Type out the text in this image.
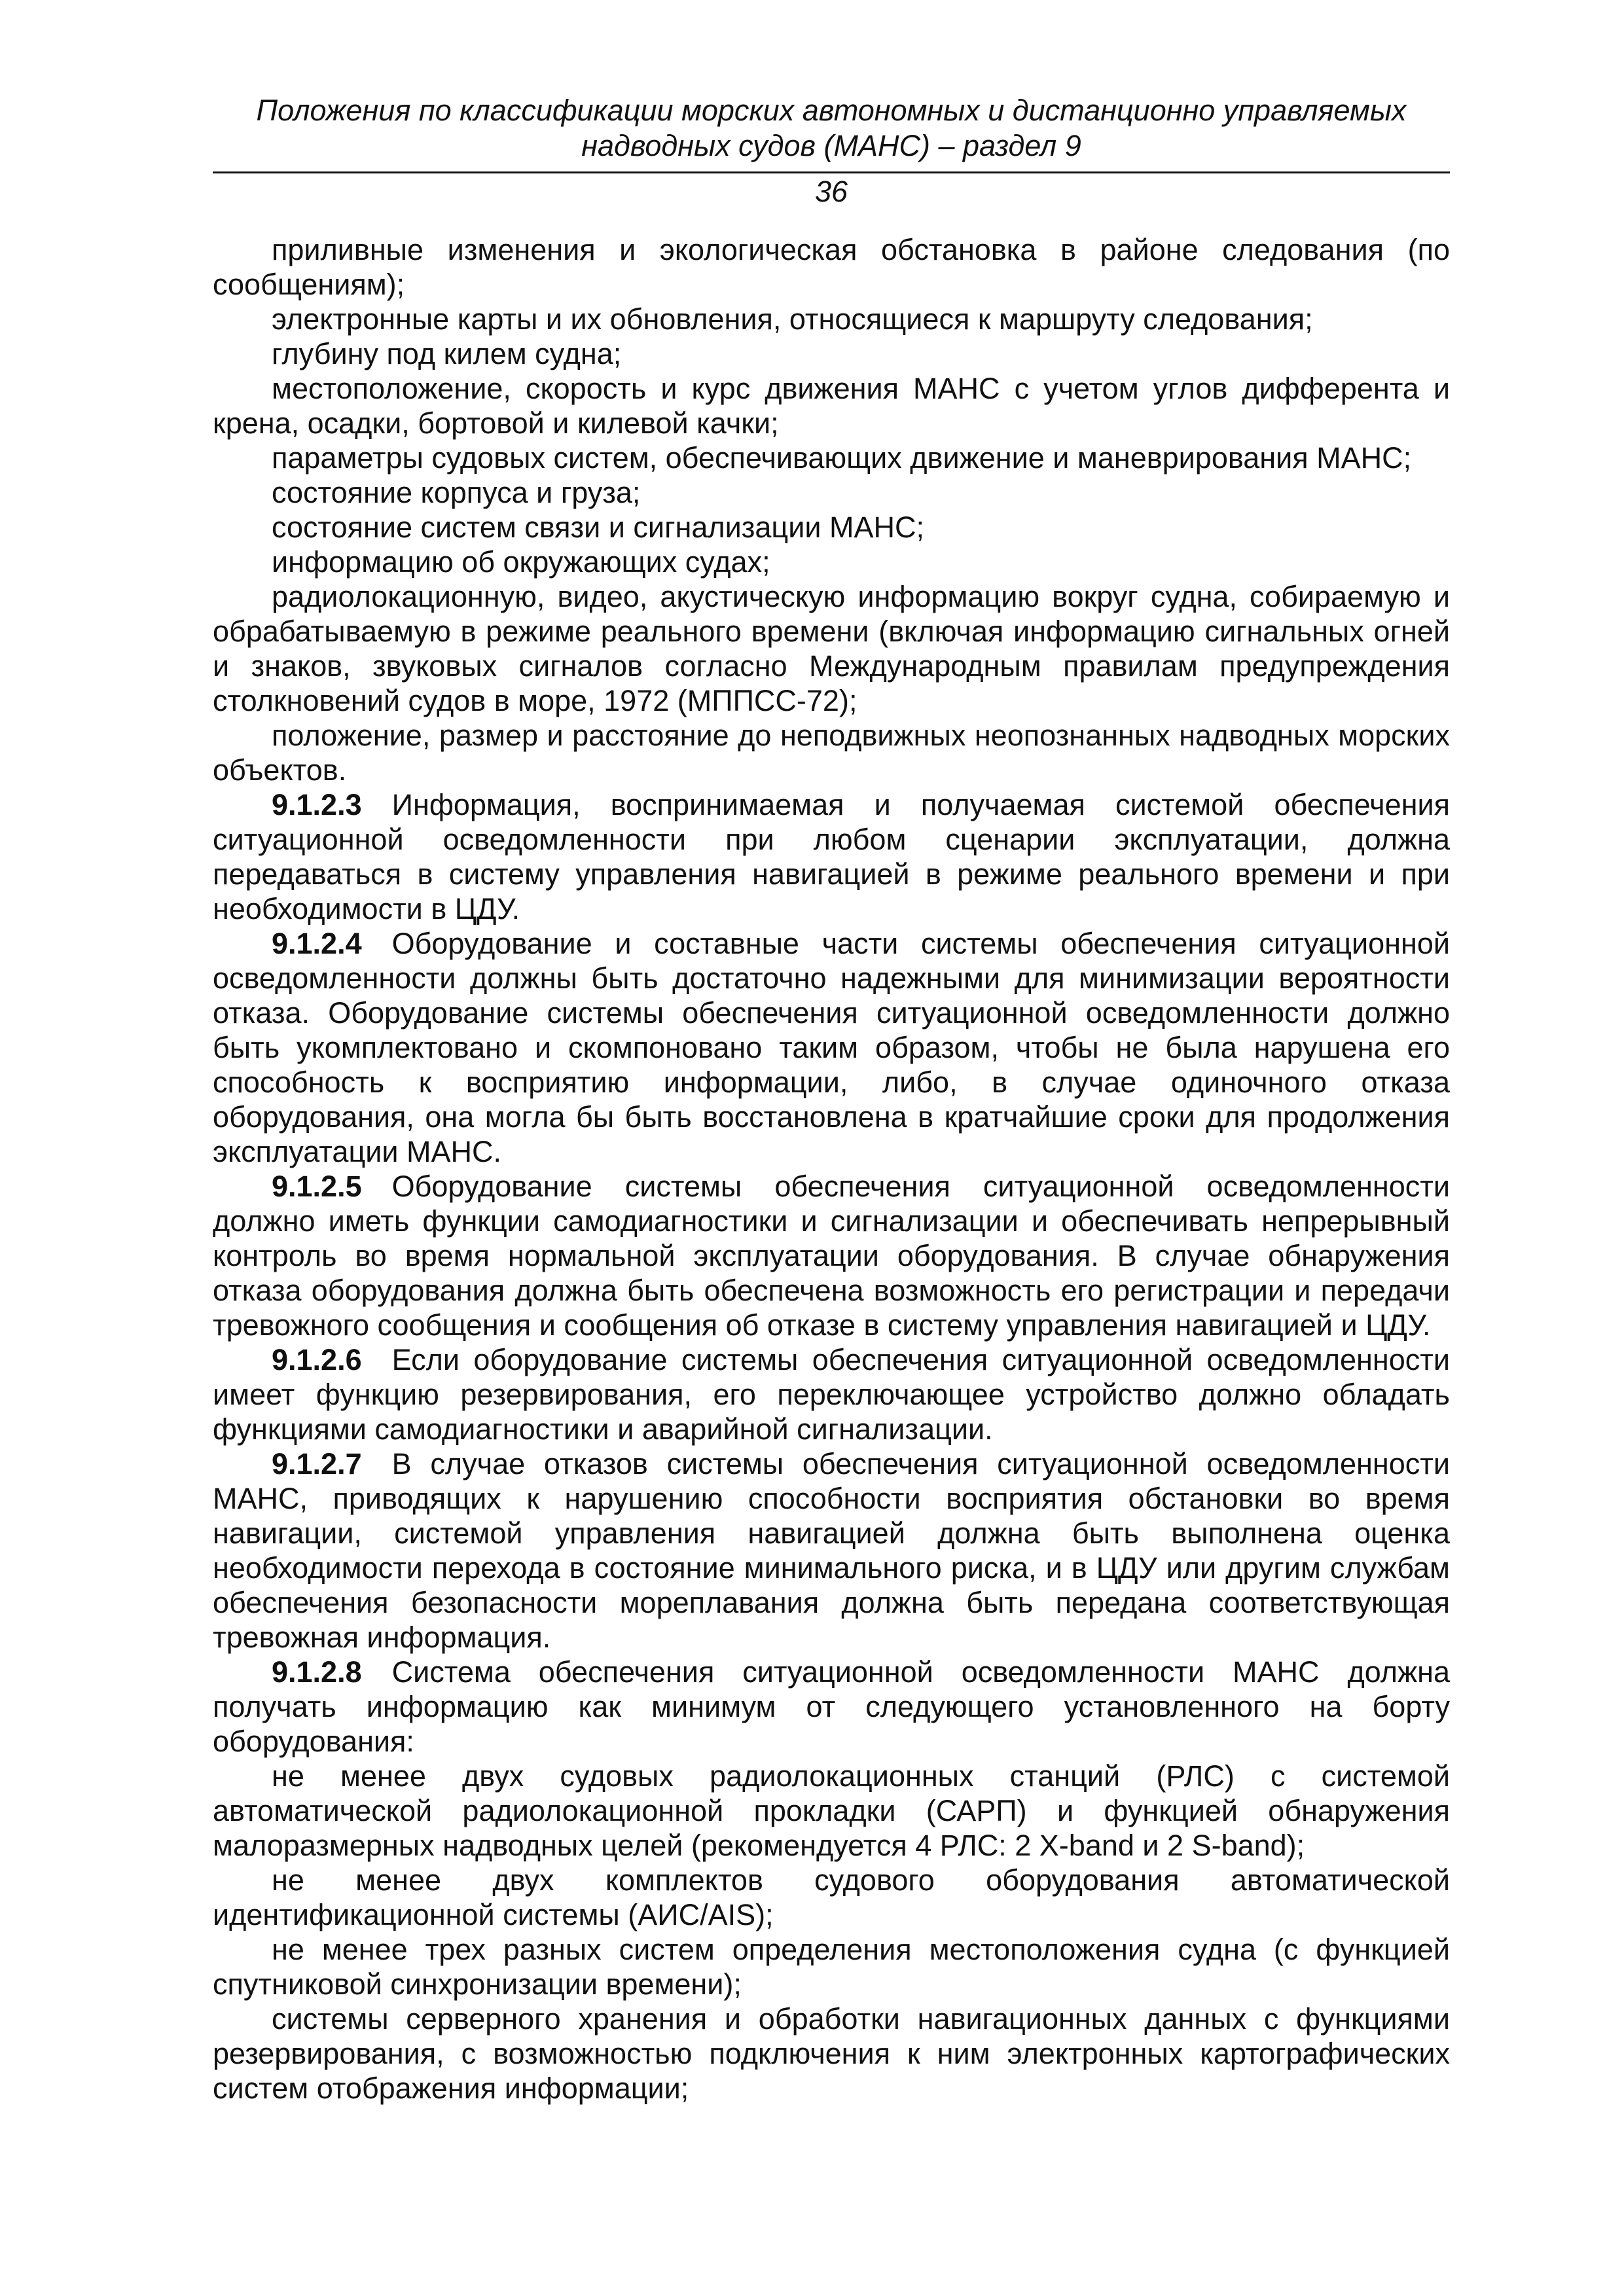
Положения по классификации морских автономных и дистанционно управляемых

надводных судов (МАНС) – раздел 9

36

приливные изменения и экологическая обстановка в районе следования (по сообщениям);

электронные карты и их обновления, относящиеся к маршруту следования;

глубину под килем судна;

местоположение, скорость и курс движения МАНС с учетом углов дифферента и крена, осадки, бортовой и килевой качки;

параметры судовых систем, обеспечивающих движение и маневрирования МАНС;

состояние корпуса и груза;

состояние систем связи и сигнализации МАНС;

информацию об окружающих судах;

радиолокационную, видео, акустическую информацию вокруг судна, собираемую и обрабатываемую в режиме реального времени (включая информацию сигнальных огней и знаков, звуковых сигналов согласно Международным правилам предупреждения столкновений судов в море, 1972 (МППСС-72);

положение, размер и расстояние до неподвижных неопознанных надводных морских объектов.

9.1.2.3 Информация, воспринимаемая и получаемая системой обеспечения ситуационной осведомленности при любом сценарии эксплуатации, должна передаваться в систему управления навигацией в режиме реального времени и при необходимости в ЦДУ.

9.1.2.4 Оборудование и составные части системы обеспечения ситуационной осведомленности должны быть достаточно надежными для минимизации вероятности отказа. Оборудование системы обеспечения ситуационной осведомленности должно быть укомплектовано и скомпоновано таким образом, чтобы не была нарушена его способность к восприятию информации, либо, в случае одиночного отказа оборудования, она могла бы быть восстановлена в кратчайшие сроки для продолжения эксплуатации МАНС.

9.1.2.5 Оборудование системы обеспечения ситуационной осведомленности должно иметь функции самодиагностики и сигнализации и обеспечивать непрерывный контроль во время нормальной эксплуатации оборудования. В случае обнаружения отказа оборудования должна быть обеспечена возможность его регистрации и передачи тревожного сообщения и сообщения об отказе в систему управления навигацией и ЦДУ.

9.1.2.6 Если оборудование системы обеспечения ситуационной осведомленности имеет функцию резервирования, его переключающее устройство должно обладать функциями самодиагностики и аварийной сигнализации.

9.1.2.7 В случае отказов системы обеспечения ситуационной осведомленности МАНС, приводящих к нарушению способности восприятия обстановки во время навигации, системой управления навигацией должна быть выполнена оценка необходимости перехода в состояние минимального риска, и в ЦДУ или другим службам обеспечения безопасности мореплавания должна быть передана соответствующая тревожная информация.

9.1.2.8 Система обеспечения ситуационной осведомленности МАНС должна получать информацию как минимум от следующего установленного на борту оборудования:

не менее двух судовых радиолокационных станций (РЛС) с системой автоматической радиолокационной прокладки (САРП) и функцией обнаружения малоразмерных надводных целей (рекомендуется 4 РЛС: 2 X-band и 2 S-band);

не менее двух комплектов судового оборудования автоматической идентификационной системы (АИС/AIS);

не менее трех разных систем определения местоположения судна (с функцией спутниковой синхронизации времени);

системы серверного хранения и обработки навигационных данных с функциями резервирования, с возможностью подключения к ним электронных картографических систем отображения информации;
